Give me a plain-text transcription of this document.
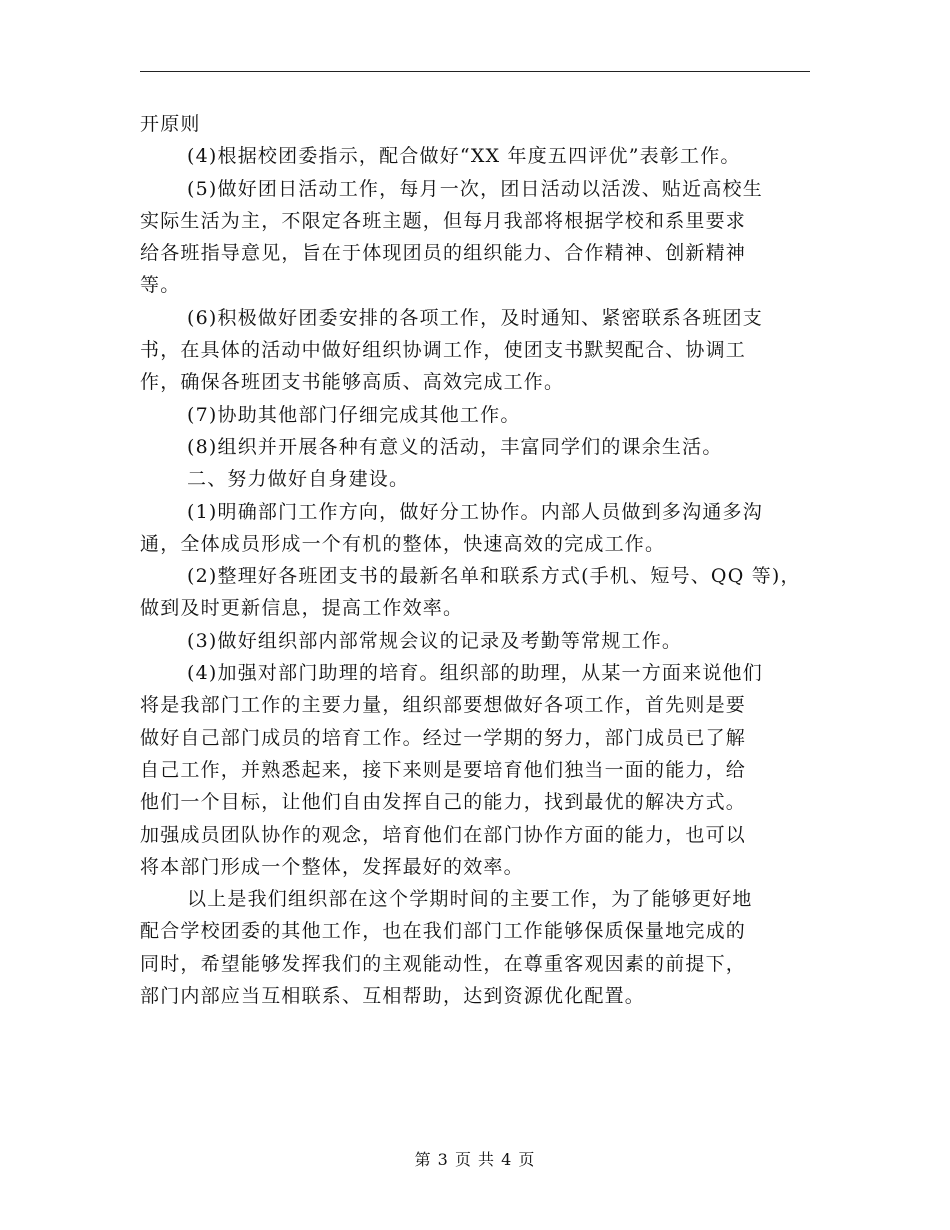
开原则
(4)根据校团委指示，配合做好“XX 年度五四评优”表彰工作。
(5)做好团日活动工作，每月一次，团日活动以活泼、贴近高校生
实际生活为主，不限定各班主题，但每月我部将根据学校和系里要求
给各班指导意见，旨在于体现团员的组织能力、合作精神、创新精神
等。
(6)积极做好团委安排的各项工作，及时通知、紧密联系各班团支
书，在具体的活动中做好组织协调工作，使团支书默契配合、协调工
作，确保各班团支书能够高质、高效完成工作。
(7)协助其他部门仔细完成其他工作。
(8)组织并开展各种有意义的活动，丰富同学们的课余生活。
二、努力做好自身建设。
(1)明确部门工作方向，做好分工协作。内部人员做到多沟通多沟
通，全体成员形成一个有机的整体，快速高效的完成工作。
(2)整理好各班团支书的最新名单和联系方式(手机、短号、QQ 等)，
做到及时更新信息，提高工作效率。
(3)做好组织部内部常规会议的记录及考勤等常规工作。
(4)加强对部门助理的培育。组织部的助理，从某一方面来说他们
将是我部门工作的主要力量，组织部要想做好各项工作，首先则是要
做好自己部门成员的培育工作。经过一学期的努力，部门成员已了解
自己工作，并熟悉起来，接下来则是要培育他们独当一面的能力，给
他们一个目标，让他们自由发挥自己的能力，找到最优的解决方式。
加强成员团队协作的观念，培育他们在部门协作方面的能力，也可以
将本部门形成一个整体，发挥最好的效率。
以上是我们组织部在这个学期时间的主要工作，为了能够更好地
配合学校团委的其他工作，也在我们部门工作能够保质保量地完成的
同时，希望能够发挥我们的主观能动性，在尊重客观因素的前提下，
部门内部应当互相联系、互相帮助，达到资源优化配置。
第 3 页 共 4 页
